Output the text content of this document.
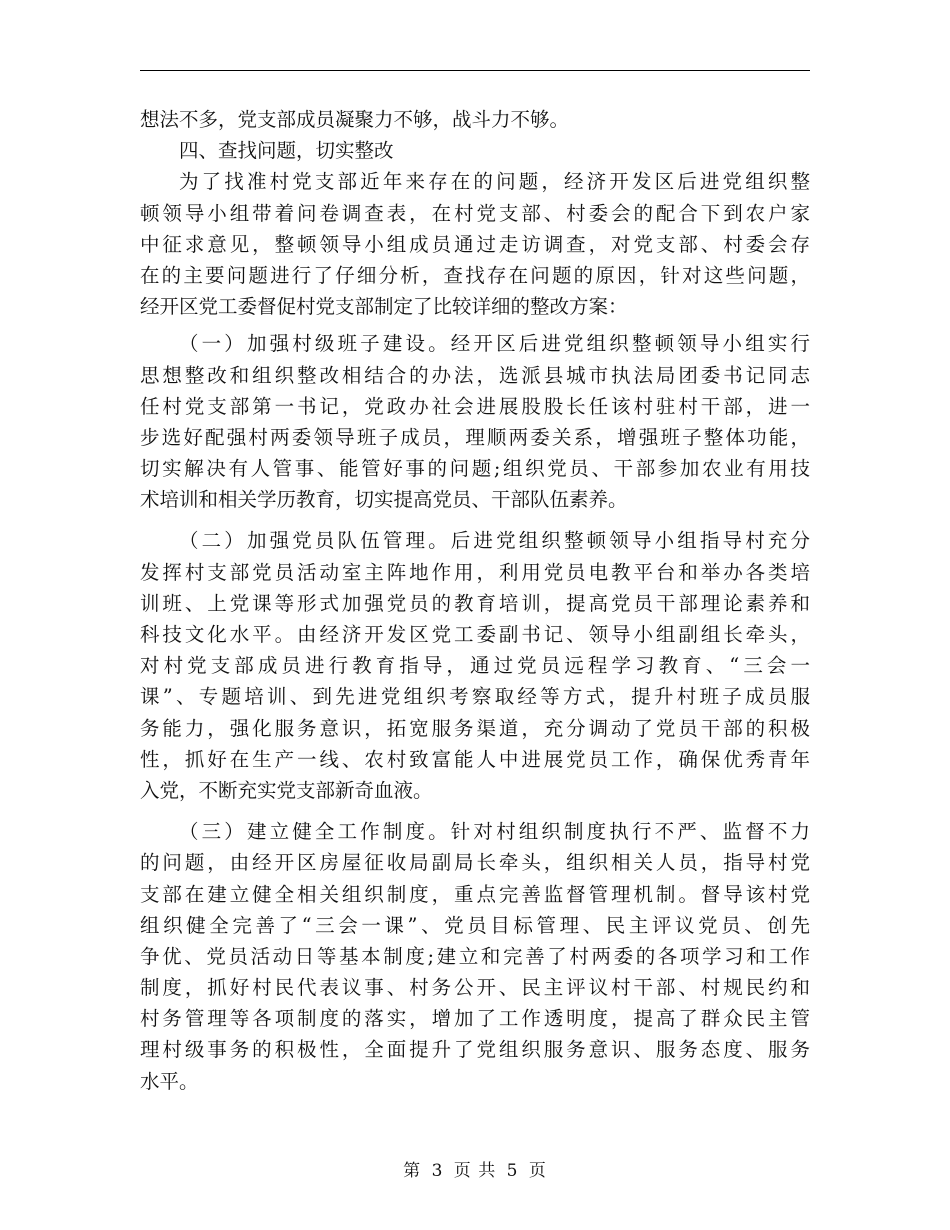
想法不多，党支部成员凝聚力不够，战斗力不够。
四、查找问题，切实整改
为了找准村党支部近年来存在的问题，经济开发区后进党组织整
顿领导小组带着问卷调查表，在村党支部、村委会的配合下到农户家
中征求意见，整顿领导小组成员通过走访调查，对党支部、村委会存
在的主要问题进行了仔细分析，查找存在问题的原因，针对这些问题，
经开区党工委督促村党支部制定了比较详细的整改方案：
（一）加强村级班子建设。经开区后进党组织整顿领导小组实行
思想整改和组织整改相结合的办法，选派县城市执法局团委书记同志
任村党支部第一书记，党政办社会进展股股长任该村驻村干部，进一
步选好配强村两委领导班子成员，理顺两委关系，增强班子整体功能，
切实解决有人管事、能管好事的问题;组织党员、干部参加农业有用技
术培训和相关学历教育，切实提高党员、干部队伍素养。
（二）加强党员队伍管理。后进党组织整顿领导小组指导村充分
发挥村支部党员活动室主阵地作用，利用党员电教平台和举办各类培
训班、上党课等形式加强党员的教育培训，提高党员干部理论素养和
科技文化水平。由经济开发区党工委副书记、领导小组副组长牵头，
对村党支部成员进行教育指导，通过党员远程学习教育、“三会一
课”、专题培训、到先进党组织考察取经等方式，提升村班子成员服
务能力，强化服务意识，拓宽服务渠道，充分调动了党员干部的积极
性，抓好在生产一线、农村致富能人中进展党员工作，确保优秀青年
入党，不断充实党支部新奇血液。
（三）建立健全工作制度。针对村组织制度执行不严、监督不力
的问题，由经开区房屋征收局副局长牵头，组织相关人员，指导村党
支部在建立健全相关组织制度，重点完善监督管理机制。督导该村党
组织健全完善了“三会一课”、党员目标管理、民主评议党员、创先
争优、党员活动日等基本制度;建立和完善了村两委的各项学习和工作
制度，抓好村民代表议事、村务公开、民主评议村干部、村规民约和
村务管理等各项制度的落实，增加了工作透明度，提高了群众民主管
理村级事务的积极性，全面提升了党组织服务意识、服务态度、服务
水平。
第 3 页 共 5 页
